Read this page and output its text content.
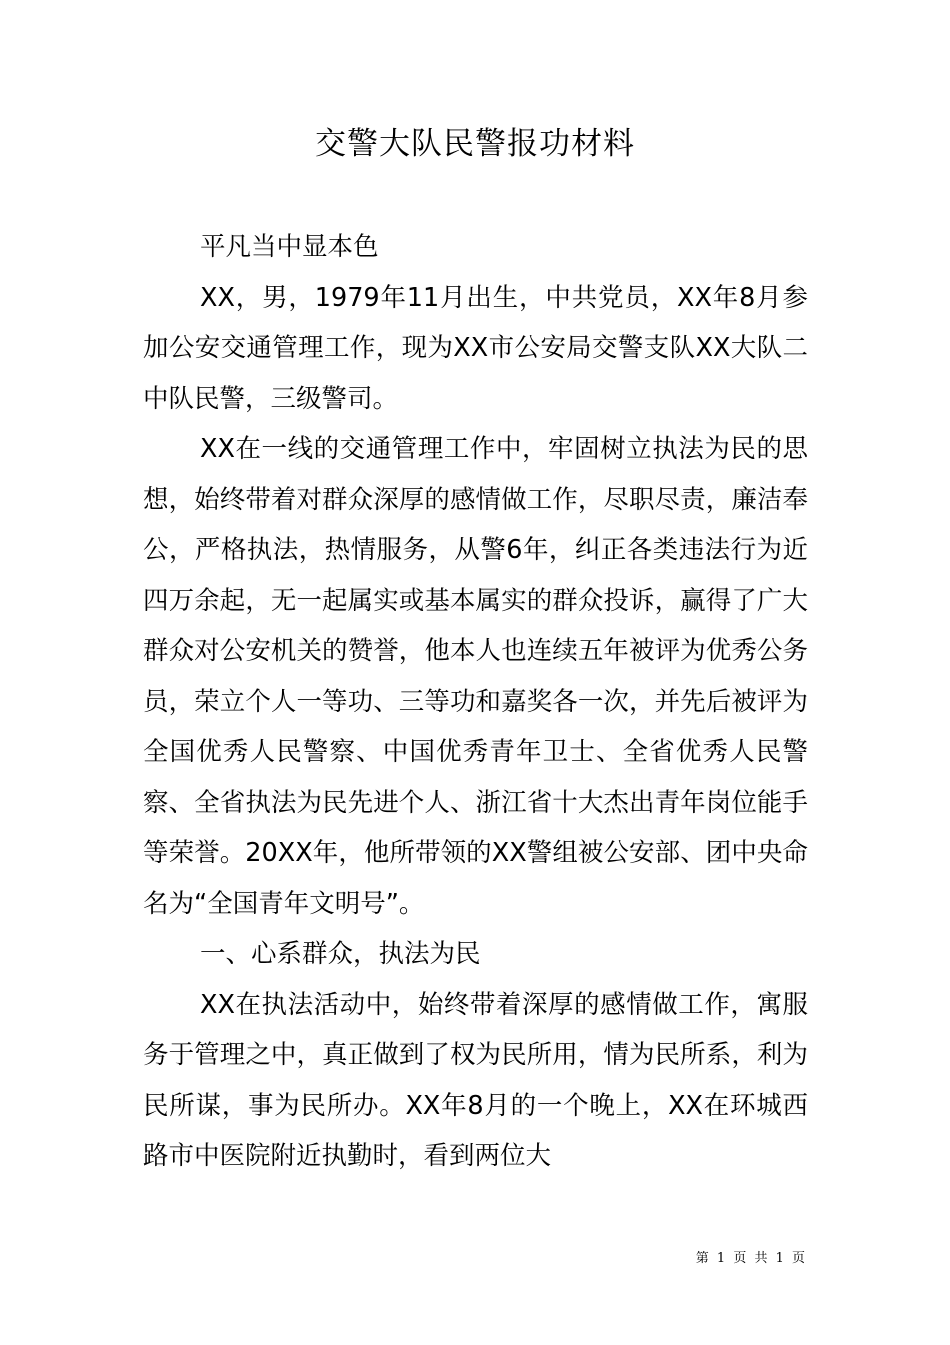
交警大队民警报功材料

平凡当中显本色

XX，男，1979年11月出生，中共党员，XX年8月参加公安交通管理工作，现为XX市公安局交警支队XX大队二中队民警，三级警司。

XX在一线的交通管理工作中，牢固树立执法为民的思想，始终带着对群众深厚的感情做工作，尽职尽责，廉洁奉公，严格执法，热情服务，从警6年，纠正各类违法行为近四万余起，无一起属实或基本属实的群众投诉，赢得了广大群众对公安机关的赞誉，他本人也连续五年被评为优秀公务员，荣立个人一等功、三等功和嘉奖各一次，并先后被评为全国优秀人民警察、中国优秀青年卫士、全省优秀人民警察、全省执法为民先进个人、浙江省十大杰出青年岗位能手等荣誉。20XX年，他所带领的XX警组被公安部、团中央命名为“全国青年文明号”。

一、心系群众，执法为民

XX在执法活动中，始终带着深厚的感情做工作，寓服务于管理之中，真正做到了权为民所用，情为民所系，利为民所谋，事为民所办。XX年8月的一个晚上，XX在环城西路市中医院附近执勤时，看到两位大

第 1 页 共 1 页
